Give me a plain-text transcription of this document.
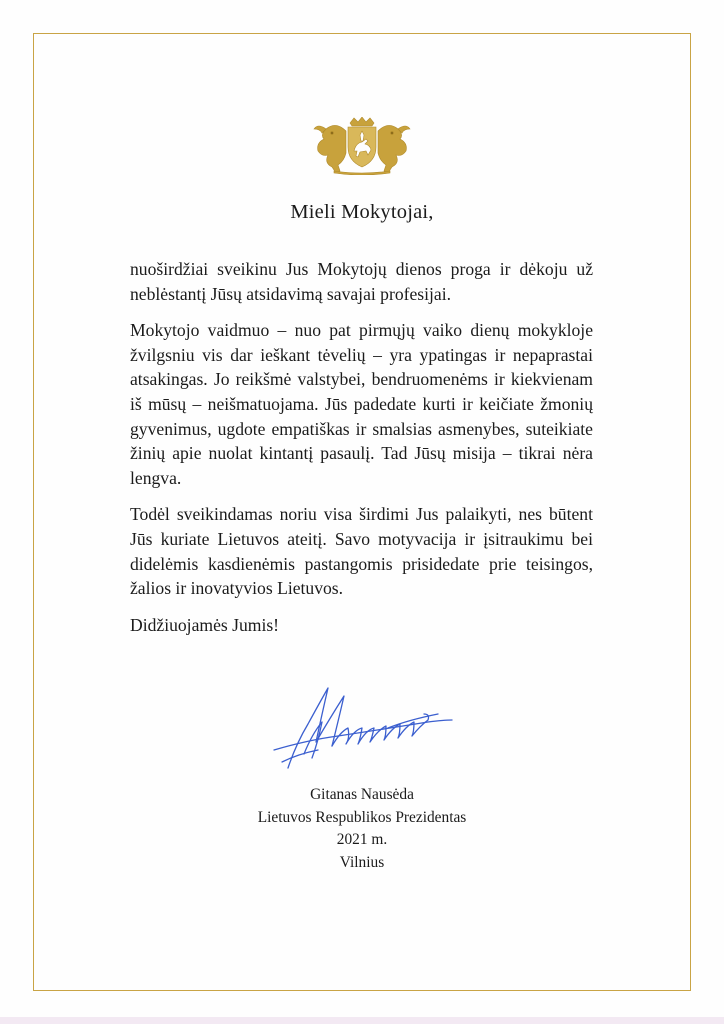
Mieli Mokytojai,

nuoširdžiai sveikinu Jus Mokytojų dienos proga ir dėkoju už neblėstantį Jūsų atsidavimą savajai profesijai.

Mokytojo vaidmuo – nuo pat pirmųjų vaiko dienų mokykloje žvilgsniu vis dar ieškant tėvelių – yra ypatingas ir nepaprastai atsakingas. Jo reikšmė valstybei, bendruomenėms ir kiekvienam iš mūsų – neišmatuojama. Jūs padedate kurti ir keičiate žmonių gyvenimus, ugdote empatiškas ir smalsias asmenybes, suteikiate žinių apie nuolat kintantį pasaulį. Tad Jūsų misija – tikrai nėra lengva.

Todėl sveikindamas noriu visa širdimi Jus palaikyti, nes būtent Jūs kuriate Lietuvos ateitį. Savo motyvacija ir įsitraukimu bei didelėmis kasdienėmis pastangomis prisidedate prie teisingos, žalios ir inovatyvios Lietuvos.

Didžiuojamės Jumis!

Gitanas Nausėda
Lietuvos Respublikos Prezidentas
2021 m.
Vilnius
